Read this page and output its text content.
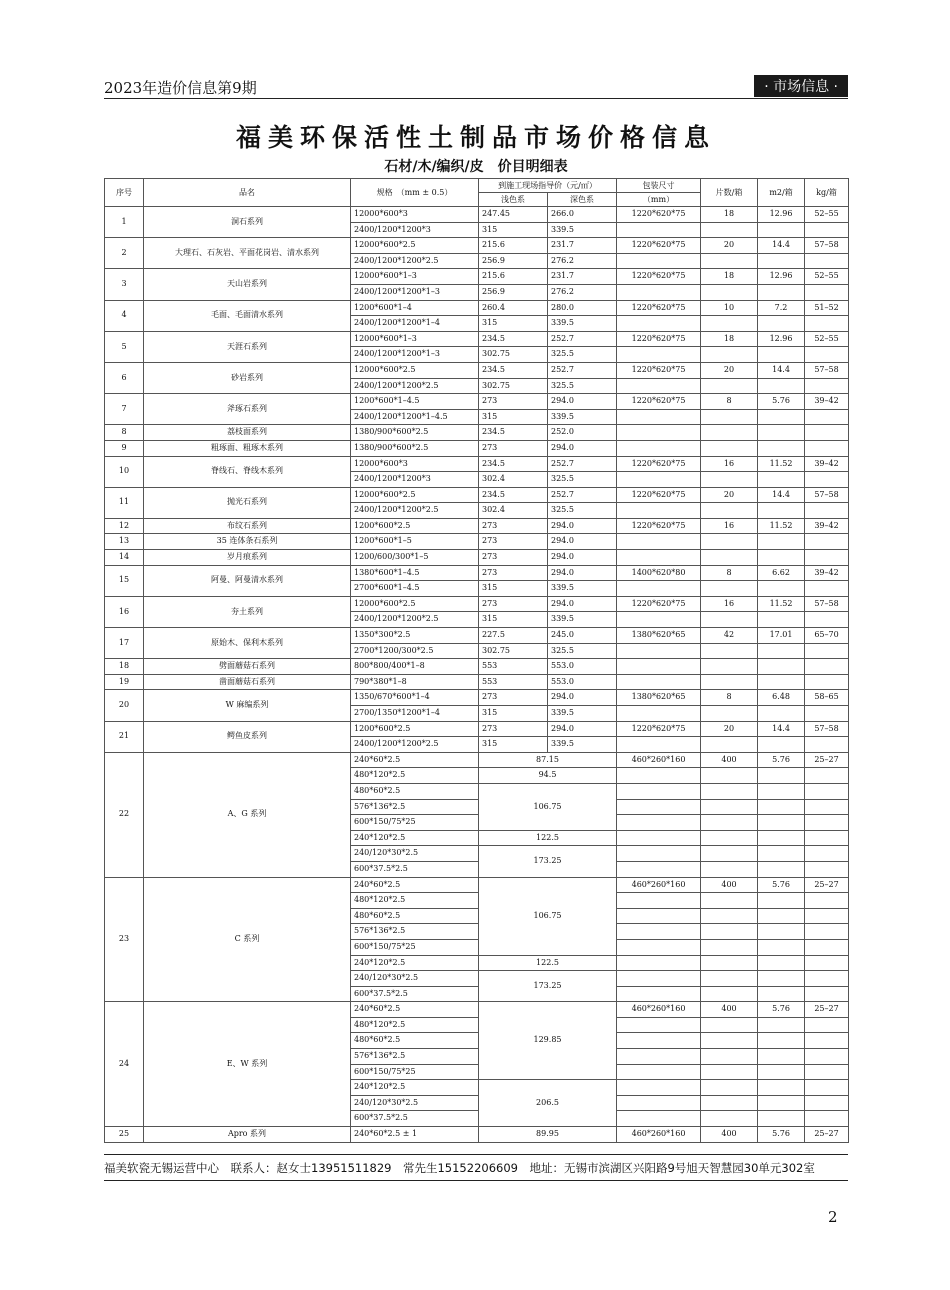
2023年造价信息第9期	· 市场信息 ·
福美环保活性土制品市场价格信息
石材/木/编织/皮　价目明细表
序号	品名	规格　（mm ± 0.5）	到施工现场指导价（元/㎡）		包装尺寸	片数/箱	m2/箱	kg/箱
			浅色系	深色系	（mm）			
1	洞石系列	12000*600*3	247.45	266.0	1220*620*75	18	12.96	52–55
		2400/1200*1200*3	315	339.5				
2	大理石、石灰岩、平面花岗岩、清水系列	12000*600*2.5	215.6	231.7	1220*620*75	20	14.4	57–58
		2400/1200*1200*2.5	256.9	276.2				
3	天山岩系列	12000*600*1–3	215.6	231.7	1220*620*75	18	12.96	52–55
		2400/1200*1200*1–3	256.9	276.2				
4	毛面、毛面清水系列	1200*600*1–4	260.4	280.0	1220*620*75	10	7.2	51–52
		2400/1200*1200*1–4	315	339.5				
5	天涯石系列	12000*600*1–3	234.5	252.7	1220*620*75	18	12.96	52–55
		2400/1200*1200*1–3	302.75	325.5				
6	砂岩系列	12000*600*2.5	234.5	252.7	1220*620*75	20	14.4	57–58
		2400/1200*1200*2.5	302.75	325.5				
7	斧琢石系列	1200*600*1–4.5	273	294.0	1220*620*75	8	5.76	39–42
		2400/1200*1200*1–4.5	315	339.5				
8	荔枝面系列	1380/900*600*2.5	234.5	252.0				
9	粗琢面、粗琢木系列	1380/900*600*2.5	273	294.0				
10	脊线石、脊线木系列	12000*600*3	234.5	252.7	1220*620*75	16	11.52	39–42
		2400/1200*1200*3	302.4	325.5				
11	抛光石系列	12000*600*2.5	234.5	252.7	1220*620*75	20	14.4	57–58
		2400/1200*1200*2.5	302.4	325.5				
12	布纹石系列	1200*600*2.5	273	294.0	1220*620*75	16	11.52	39–42
13	35 连体条石系列	1200*600*1–5	273	294.0				
14	岁月痕系列	1200/600/300*1–5	273	294.0				
15	阿曼、阿曼清水系列	1380*600*1–4.5	273	294.0	1400*620*80	8	6.62	39–42
		2700*600*1–4.5	315	339.5				
16	夯土系列	12000*600*2.5	273	294.0	1220*620*75	16	11.52	57–58
		2400/1200*1200*2.5	315	339.5				
17	原始木、保利木系列	1350*300*2.5	227.5	245.0	1380*620*65	42	17.01	65–70
		2700*1200/300*2.5	302.75	325.5				
18	劈面蘑菇石系列	800*800/400*1–8	553	553.0				
19	凿面蘑菇石系列	790*380*1–8	553	553.0				
20	W 麻编系列	1350/670*600*1–4	273	294.0	1380*620*65	8	6.48	58–65
		2700/1350*1200*1–4	315	339.5				
21	鳄鱼皮系列	1200*600*2.5	273	294.0	1220*620*75	20	14.4	57–58
		2400/1200*1200*2.5	315	339.5				
22	A、G 系列	240*60*2.5	87.15		460*260*160	400	5.76	25–27
		480*120*2.5	94.5					
		480*60*2.5	106.75					
		576*136*2.5						
		600*150/75*25						
		240*120*2.5	122.5					
		240/120*30*2.5	173.25					
		600*37.5*2.5						
23	C 系列	240*60*2.5	106.75		460*260*160	400	5.76	25–27
		480*120*2.5						
		480*60*2.5						
		576*136*2.5						
		600*150/75*25						
		240*120*2.5	122.5					
		240/120*30*2.5	173.25					
		600*37.5*2.5						
24	E、W 系列	240*60*2.5	129.85		460*260*160	400	5.76	25–27
		480*120*2.5						
		480*60*2.5						
		576*136*2.5						
		600*150/75*25						
		240*120*2.5	206.5					
		240/120*30*2.5						
		600*37.5*2.5						
25	Apro 系列	240*60*2.5 ± 1	89.95		460*260*160	400	5.76	25–27
福美软瓷无锡运营中心　联系人：赵女士13951511829　常先生15152206609　地址：无锡市滨湖区兴阳路9号旭天智慧园30单元302室
2
